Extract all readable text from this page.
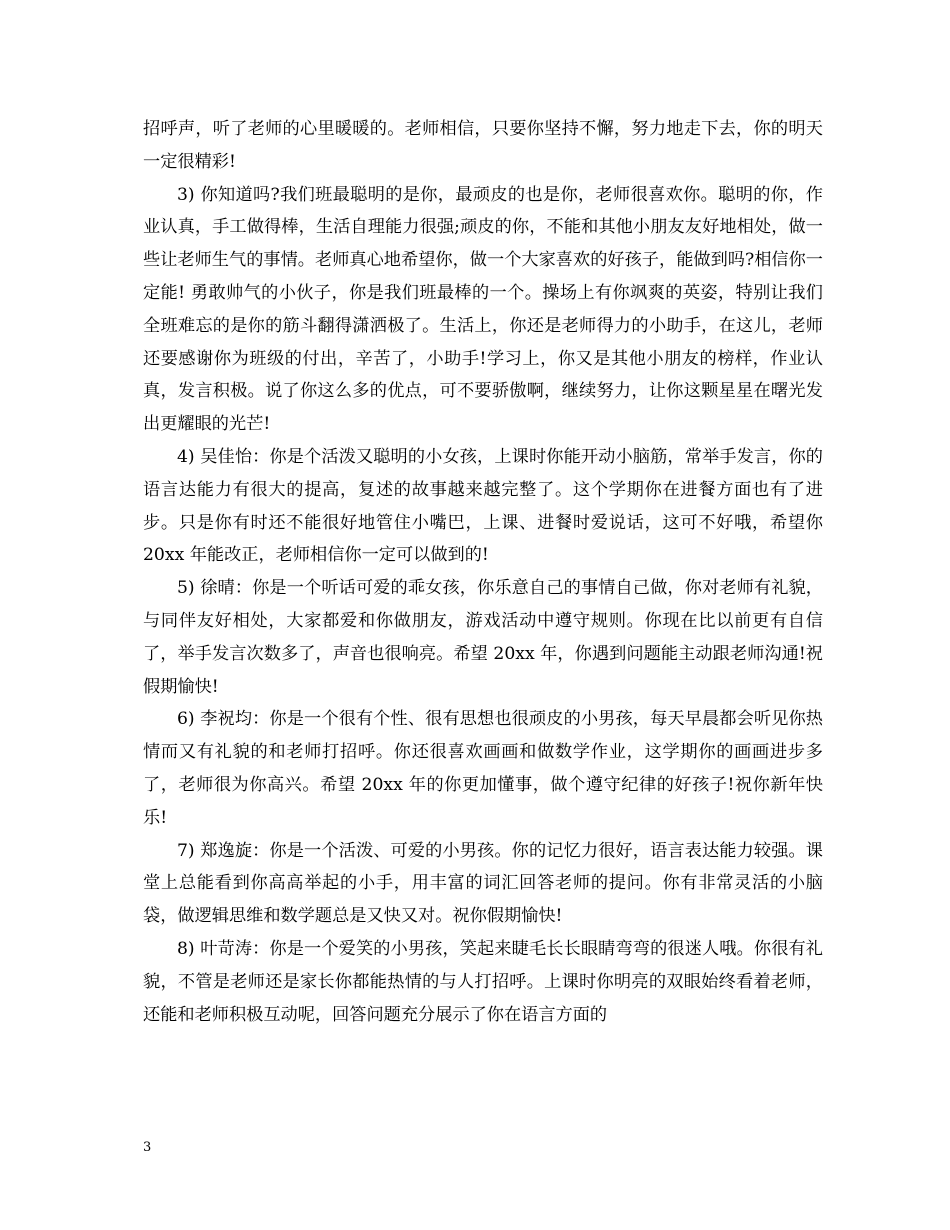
招呼声，听了老师的心里暖暖的。老师相信，只要你坚持不懈，努力地走下去，你的明天一定很精彩!

3) 你知道吗?我们班最聪明的是你，最顽皮的也是你，老师很喜欢你。聪明的你，作业认真，手工做得棒，生活自理能力很强;顽皮的你，不能和其他小朋友友好地相处，做一些让老师生气的事情。老师真心地希望你，做一个大家喜欢的好孩子，能做到吗?相信你一定能! 勇敢帅气的小伙子，你是我们班最棒的一个。操场上有你飒爽的英姿，特别让我们全班难忘的是你的筋斗翻得潇洒极了。生活上，你还是老师得力的小助手，在这儿，老师还要感谢你为班级的付出，辛苦了，小助手!学习上，你又是其他小朋友的榜样，作业认真，发言积极。说了你这么多的优点，可不要骄傲啊，继续努力，让你这颗星星在曙光发出更耀眼的光芒!

4) 吴佳怡：你是个活泼又聪明的小女孩，上课时你能开动小脑筋，常举手发言，你的语言达能力有很大的提高，复述的故事越来越完整了。这个学期你在进餐方面也有了进步。只是你有时还不能很好地管住小嘴巴，上课、进餐时爱说话，这可不好哦，希望你 20xx 年能改正，老师相信你一定可以做到的!

5) 徐晴：你是一个听话可爱的乖女孩，你乐意自己的事情自己做，你对老师有礼貌，与同伴友好相处，大家都爱和你做朋友，游戏活动中遵守规则。你现在比以前更有自信了，举手发言次数多了，声音也很响亮。希望 20xx 年，你遇到问题能主动跟老师沟通!祝假期愉快!

6) 李祝均：你是一个很有个性、很有思想也很顽皮的小男孩，每天早晨都会听见你热情而又有礼貌的和老师打招呼。你还很喜欢画画和做数学作业，这学期你的画画进步多了，老师很为你高兴。希望 20xx 年的你更加懂事，做个遵守纪律的好孩子!祝你新年快乐!

7) 郑逸旋：你是一个活泼、可爱的小男孩。你的记忆力很好，语言表达能力较强。课堂上总能看到你高高举起的小手，用丰富的词汇回答老师的提问。你有非常灵活的小脑袋，做逻辑思维和数学题总是又快又对。祝你假期愉快!

8) 叶苛涛：你是一个爱笑的小男孩，笑起来睫毛长长眼睛弯弯的很迷人哦。你很有礼貌，不管是老师还是家长你都能热情的与人打招呼。上课时你明亮的双眼始终看着老师，还能和老师积极互动呢，回答问题充分展示了你在语言方面的

3
